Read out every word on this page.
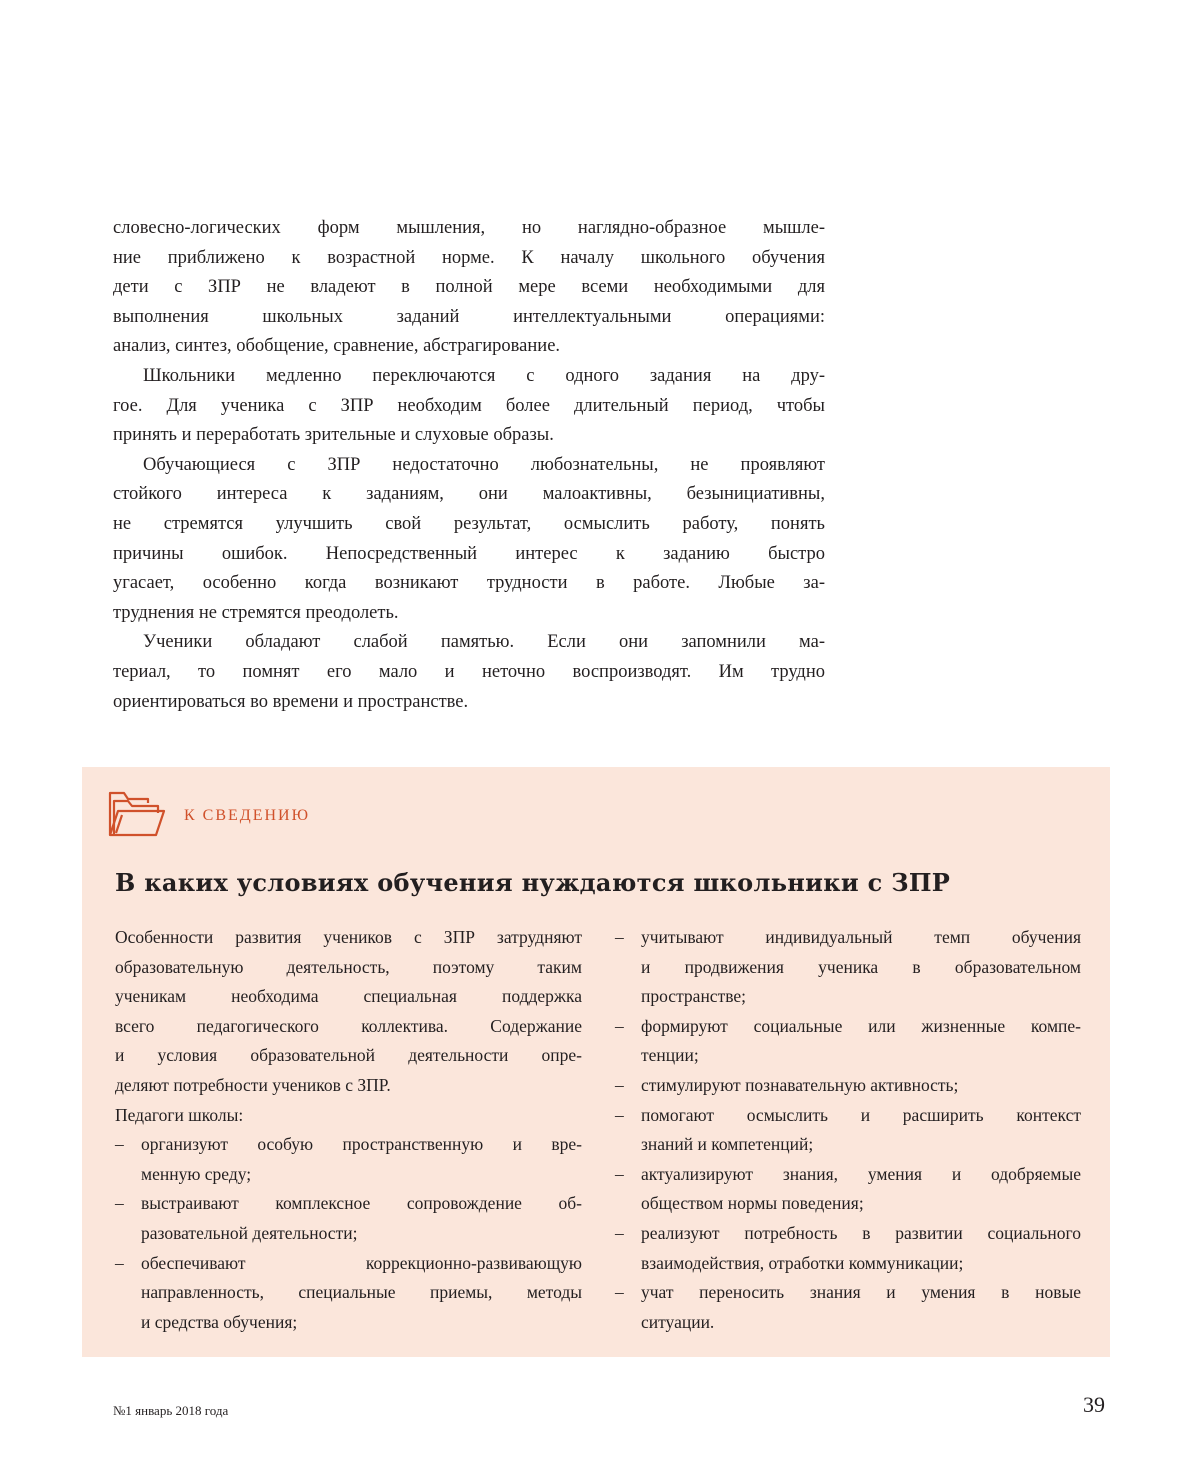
словесно-логических форм мышления, но наглядно-образное мышле-
ние приближено к возрастной норме. К началу школьного обучения
дети с ЗПР не владеют в полной мере всеми необходимыми для
выполнения школьных заданий интеллектуальными операциями:
анализ, синтез, обобщение, сравнение, абстрагирование.
Школьники медленно переключаются с одного задания на дру-
гое. Для ученика с ЗПР необходим более длительный период, чтобы
принять и переработать зрительные и слуховые образы.
Обучающиеся с ЗПР недостаточно любознательны, не проявляют
стойкого интереса к заданиям, они малоактивны, безынициативны,
не стремятся улучшить свой результат, осмыслить работу, понять
причины ошибок. Непосредственный интерес к заданию быстро
угасает, особенно когда возникают трудности в работе. Любые за-
труднения не стремятся преодолеть.
Ученики обладают слабой памятью. Если они запомнили ма-
териал, то помнят его мало и неточно воспроизводят. Им трудно
ориентироваться во времени и пространстве.
К СВЕДЕНИЮ
В каких условиях обучения нуждаются школьники с ЗПР
Особенности развития учеников с ЗПР затрудняют
образовательную деятельность, поэтому таким
ученикам необходима специальная поддержка
всего педагогического коллектива. Содержание
и условия образовательной деятельности опре-
деляют потребности учеников с ЗПР.
Педагоги школы:
– организуют особую пространственную и вре-
менную среду;
– выстраивают комплексное сопровождение об-
разовательной деятельности;
– обеспечивают коррекционно-развивающую
направленность, специальные приемы, методы
и средства обучения;
– учитывают индивидуальный темп обучения
и продвижения ученика в образовательном
пространстве;
– формируют социальные или жизненные компе-
тенции;
– стимулируют познавательную активность;
– помогают осмыслить и расширить контекст
знаний и компетенций;
– актуализируют знания, умения и одобряемые
обществом нормы поведения;
– реализуют потребность в развитии социального
взаимодействия, отработки коммуникации;
– учат переносить знания и умения в новые
ситуации.
№1 январь 2018 года	39
